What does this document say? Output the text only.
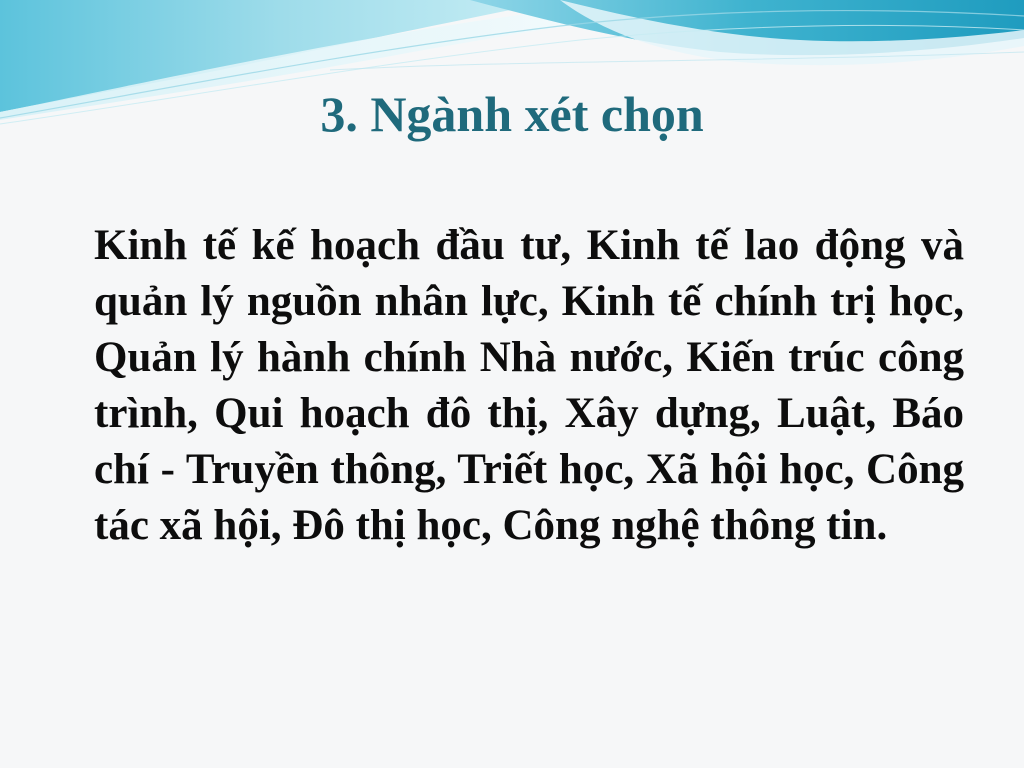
3. Ngành xét chọn

Kinh tế kế hoạch đầu tư, Kinh tế lao động và quản lý nguồn nhân lực, Kinh tế chính trị học, Quản lý hành chính Nhà nước, Kiến trúc công trình, Qui hoạch đô thị, Xây dựng, Luật, Báo chí - Truyền thông, Triết học, Xã hội học, Công tác xã hội, Đô thị học, Công nghệ thông tin.
